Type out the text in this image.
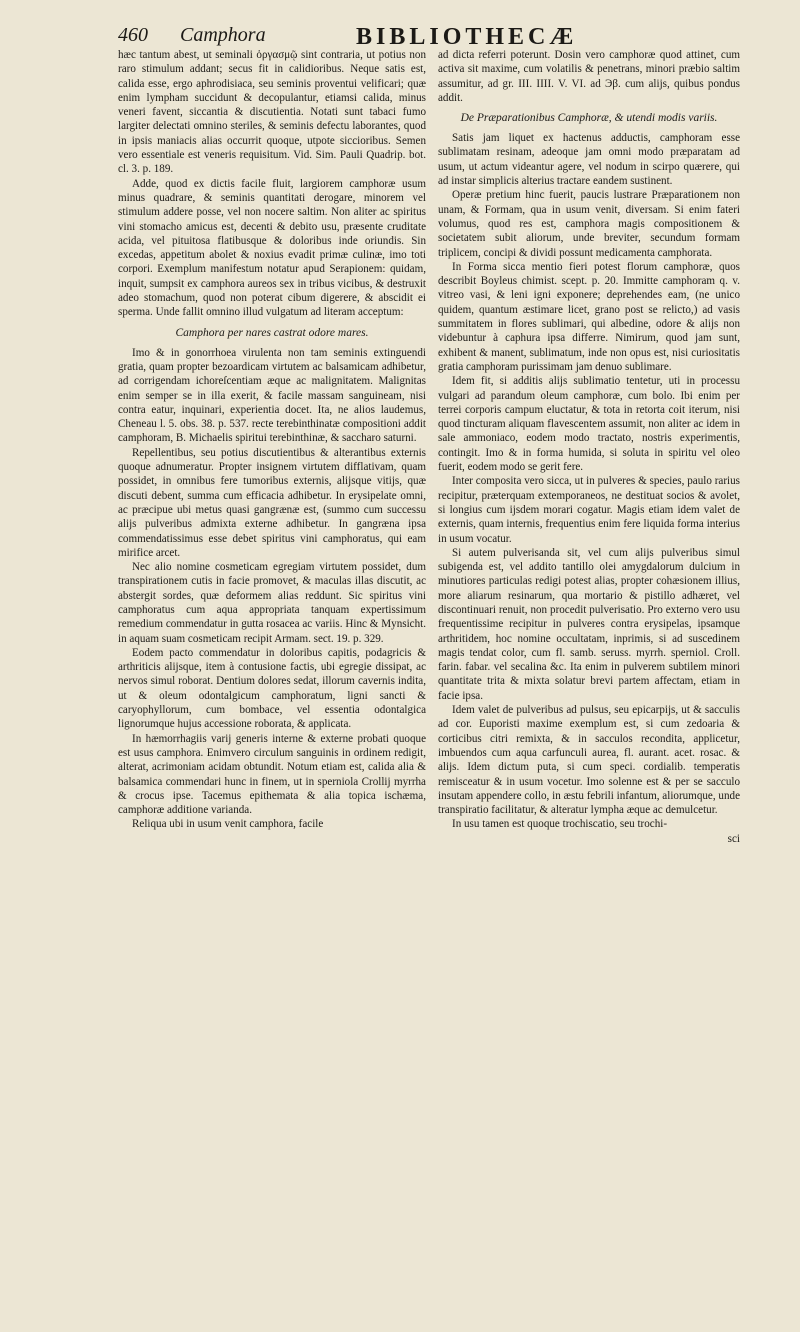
460 Camphora	BIBLIOTHECÆ

hæc tantum abest, ut seminali ὀργασμῷ sint contraria, ut potius non raro stimulum addant; secus fit in calidioribus. Neque satis est, calida esse, ergo aphrodisiaca, seu seminis proventui velificari; quæ enim lympham succidunt & decopulantur, etiamsi calida, minus veneri favent, siccantia & discutientia. Notati sunt tabaci fumo largiter delectati omnino steriles, & seminis defectu laborantes, quod in ipsis maniacis alias occurrit quoque, utpote siccioribus. Semen vero essentiale est veneris requisitum. Vid. Sim. Pauli Quadrip. bot. cl. 3. p. 189.

Adde, quod ex dictis facile fluit, largiorem camphoræ usum minus quadrare, & seminis quantitati derogare, minorem vel stimulum addere posse, vel non nocere saltim. Non aliter ac spiritus vini stomacho amicus est, decenti & debito usu, præsente cruditate acida, vel pituitosa flatibusque & doloribus inde oriundis. Sin excedas, appetitum abolet & noxius evadit primæ culinæ, imo toti corpori. Exemplum manifestum notatur apud Serapionem: quidam, inquit, sumpsit ex camphora aureos sex in tribus vicibus, & destruxit adeo stomachum, quod non poterat cibum digerere, & abscidit ei sperma. Unde fallit omnino illud vulgatum ad literam acceptum:

Camphora per nares castrat odore mares.

Imo & in gonorrhoea virulenta non tam seminis extinguendi gratia, quam propter bezoardicam virtutem ac balsamicam adhibetur, ad corrigendam ichoreſcentiam æque ac malignitatem. Malignitas enim semper se in illa exerit, & facile massam sanguineam, nisi contra eatur, inquinari, experientia docet. Ita, ne alios laudemus, Cheneau l. 5. obs. 38. p. 537. recte terebinthinatæ compositioni addit camphoram, B. Michaelis spiritui terebinthinæ, & saccharo saturni.

Repellentibus, seu potius discutientibus & alterantibus externis quoque adnumeratur. Propter insignem virtutem difflativam, quam possidet, in omnibus fere tumoribus externis, alijsque vitijs, quæ discuti debent, summa cum efficacia adhibetur. In erysipelate omni, ac præcipue ubi metus quasi gangrænæ est, (summo cum successu alijs pulveribus admixta externe adhibetur. In gangræna ipsa commendatissimus esse debet spiritus vini camphoratus, qui eam mirifice arcet.

Nec alio nomine cosmeticam egregiam virtutem possidet, dum transpirationem cutis in facie promovet, & maculas illas discutit, ac abstergit sordes, quæ deformem alias reddunt. Sic spiritus vini camphoratus cum aqua appropriata tanquam expertissimum remedium commendatur in gutta rosacea ac variis. Hinc & Mynsicht. in aquam suam cosmeticam recipit Armam. sect. 19. p. 329.

Eodem pacto commendatur in doloribus capitis, podagricis & arthriticis alijsque, item à contusione factis, ubi egregie dissipat, ac nervos simul roborat. Dentium dolores sedat, illorum cavernis indita, ut & oleum odontalgicum camphoratum, ligni sancti & caryophyllorum, cum bombace, vel essentia odontalgica lignorumque hujus accessione roborata, & applicata.

In hæmorrhagiis varij generis interne & externe probati quoque est usus camphora. Enimvero circulum sanguinis in ordinem redigit, alterat, acrimoniam acidam obtundit. Notum etiam est, calida alia & balsamica commendari hunc in finem, ut in sperniola Crollij myrrha & crocus ipse. Tacemus epithemata & alia topica ischæma, camphoræ additione varianda.

Reliqua ubi in usum venit camphora, facile

ad dicta referri poterunt. Dosin vero camphoræ quod attinet, cum activa sit maxime, cum volatilis & penetrans, minori præbio saltim assumitur, ad gr. III. IIII. V. VI. ad Эβ. cum alijs, quibus pondus addit.

De Præparationibus Camphoræ, & utendi modis variis.

Satis jam liquet ex hactenus adductis, camphoram esse sublimatam resinam, adeoque jam omni modo præparatam ad usum, ut actum videantur agere, vel nodum in scirpo quærere, qui ad instar simplicis alterius tractare eandem sustinent.

Operæ pretium hinc fuerit, paucis lustrare Præparationem non unam, & Formam, qua in usum venit, diversam. Si enim fateri volumus, quod res est, camphora magis compositionem & societatem subit aliorum, unde breviter, secundum formam triplicem, concipi & dividi possunt medicamenta camphorata.

In Forma sicca mentio fieri potest florum camphoræ, quos describit Boyleus chimist. scept. p. 20. Immitte camphoram q. v. vitreo vasi, & leni igni exponere; deprehendes eam, (ne unico quidem, quantum æstimare licet, grano post se relicto,) ad vasis summitatem in flores sublimari, qui albedine, odore & alijs non videbuntur à caphura ipsa differre. Nimirum, quod jam sunt, exhibent & manent, sublimatum, inde non opus est, nisi curiositatis gratia camphoram purissimam jam denuo sublimare.

Idem fit, si additis alijs sublimatio tentetur, uti in processu vulgari ad parandum oleum camphoræ, cum bolo. Ibi enim per terrei corporis campum eluctatur, & tota in retorta coit iterum, nisi quod tincturam aliquam flavescentem assumit, non aliter ac idem in sale ammoniaco, eodem modo tractato, nostris experimentis, contingit. Imo & in forma humida, si soluta in spiritu vel oleo fuerit, eodem modo se gerit fere.

Inter composita vero sicca, ut in pulveres & species, paulo rarius recipitur, præterquam extemporaneos, ne destituat socios & avolet, si longius cum ijsdem morari cogatur. Magis etiam idem valet de externis, quam internis, frequentius enim fere liquida forma interius in usum vocatur.

Si autem pulverisanda sit, vel cum alijs pulveribus simul subigenda est, vel addito tantillo olei amygdalorum dulcium in minutiores particulas redigi potest alias, propter cohæsionem illius, more aliarum resinarum, qua mortario & pistillo adhæret, vel discontinuari renuit, non procedit pulverisatio. Pro externo vero usu frequentissime recipitur in pulveres contra erysipelas, ipsamque arthritidem, hoc nomine occultatam, inprimis, si ad suscedinem magis tendat color, cum fl. samb. seruss. myrrh. sperniol. Croll. farin. fabar. vel secalina &c. Ita enim in pulverem subtilem minori quantitate trita & mixta solatur brevi partem affectam, etiam in facie ipsa.

Idem valet de pulveribus ad pulsus, seu epicarpijs, ut & sacculis ad cor. Euporisti maxime exemplum est, si cum zedoaria & corticibus citri remixta, & in sacculos recondita, applicetur, imbuendos cum aqua carfunculi aurea, fl. aurant. acet. rosac. & alijs. Idem dictum puta, si cum speci. cordialib. temperatis remisceatur & in usum vocetur. Imo solenne est & per se sacculo insutam appendere collo, in æstu febrili infantum, aliorumque, unde transpiratio facilitatur, & alteratur lympha æque ac demulcetur.

In usu tamen est quoque trochiscatio, seu trochi-

sci
